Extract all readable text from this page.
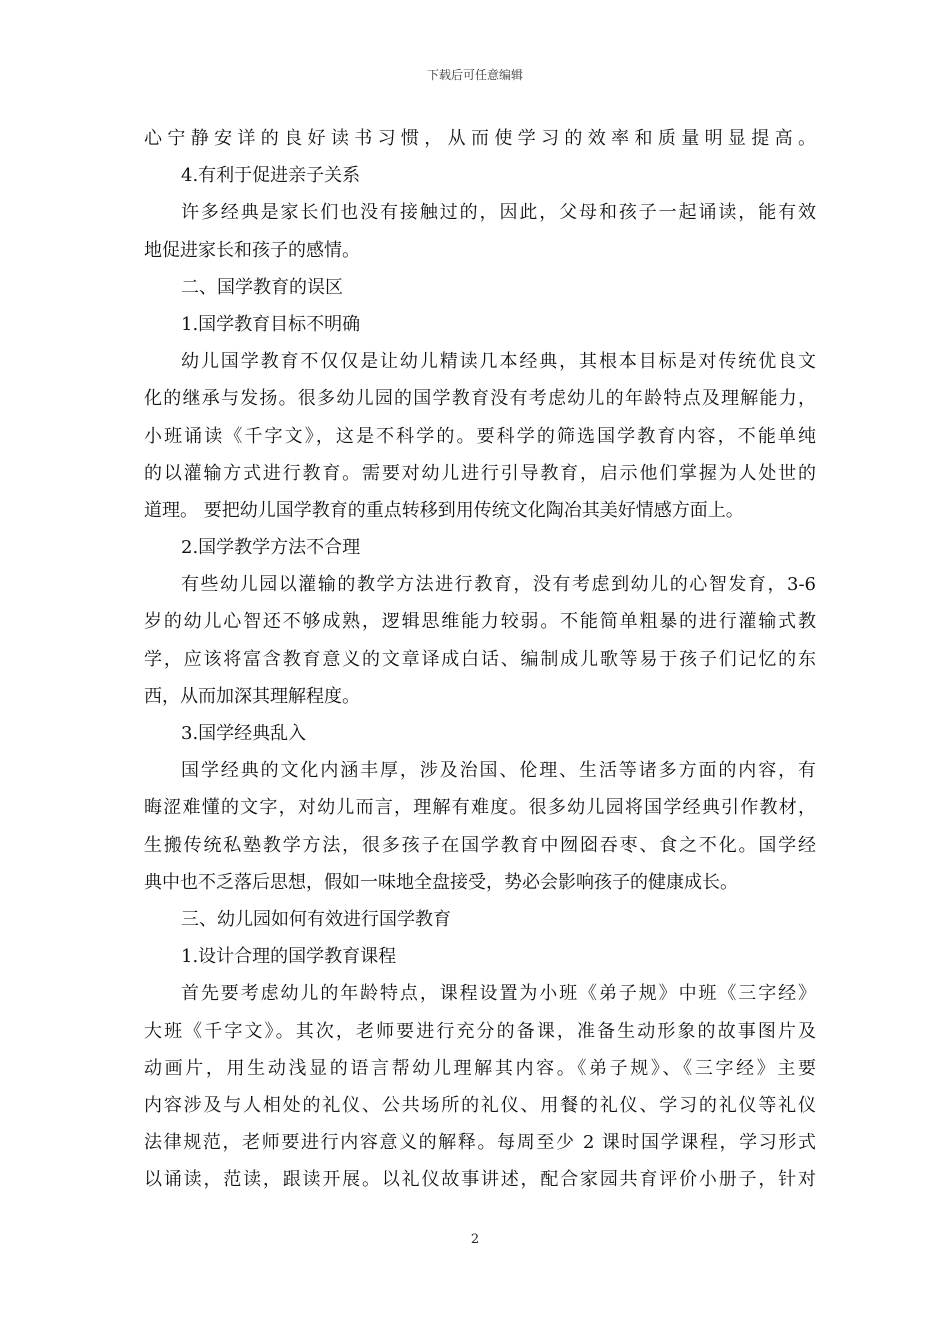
下载后可任意编辑
心宁静安详的良好读书习惯，从而使学习的效率和质量明显提高。
4.有利于促进亲子关系
许多经典是家长们也没有接触过的，因此，父母和孩子一起诵读，能有效
地促进家长和孩子的感情。
二、国学教育的误区
1.国学教育目标不明确
幼儿国学教育不仅仅是让幼儿精读几本经典，其根本目标是对传统优良文
化的继承与发扬。很多幼儿园的国学教育没有考虑幼儿的年龄特点及理解能力，
小班诵读《千字文》，这是不科学的。要科学的筛选国学教育内容，不能单纯
的以灌输方式进行教育。需要对幼儿进行引导教育，启示他们掌握为人处世的
道理。 要把幼儿国学教育的重点转移到用传统文化陶冶其美好情感方面上。
2.国学教学方法不合理
有些幼儿园以灌输的教学方法进行教育，没有考虑到幼儿的心智发育，3-6
岁的幼儿心智还不够成熟，逻辑思维能力较弱。不能简单粗暴的进行灌输式教
学，应该将富含教育意义的文章译成白话、编制成儿歌等易于孩子们记忆的东
西，从而加深其理解程度。
3.国学经典乱入
国学经典的文化内涵丰厚，涉及治国、伦理、生活等诸多方面的内容，有
晦涩难懂的文字，对幼儿而言，理解有难度。很多幼儿园将国学经典引作教材，
生搬传统私塾教学方法，很多孩子在国学教育中囫囵吞枣、食之不化。国学经
典中也不乏落后思想，假如一味地全盘接受，势必会影响孩子的健康成长。
三、幼儿园如何有效进行国学教育
1.设计合理的国学教育课程
首先要考虑幼儿的年龄特点，课程设置为小班《弟子规》中班《三字经》
大班《千字文》。其次，老师要进行充分的备课，准备生动形象的故事图片及
动画片，用生动浅显的语言帮幼儿理解其内容。《弟子规》、《三字经》主要
内容涉及与人相处的礼仪、公共场所的礼仪、用餐的礼仪、学习的礼仪等礼仪
法律规范，老师要进行内容意义的解释。每周至少 2 课时国学课程，学习形式
以诵读，范读，跟读开展。以礼仪故事讲述，配合家园共育评价小册子，针对
2
